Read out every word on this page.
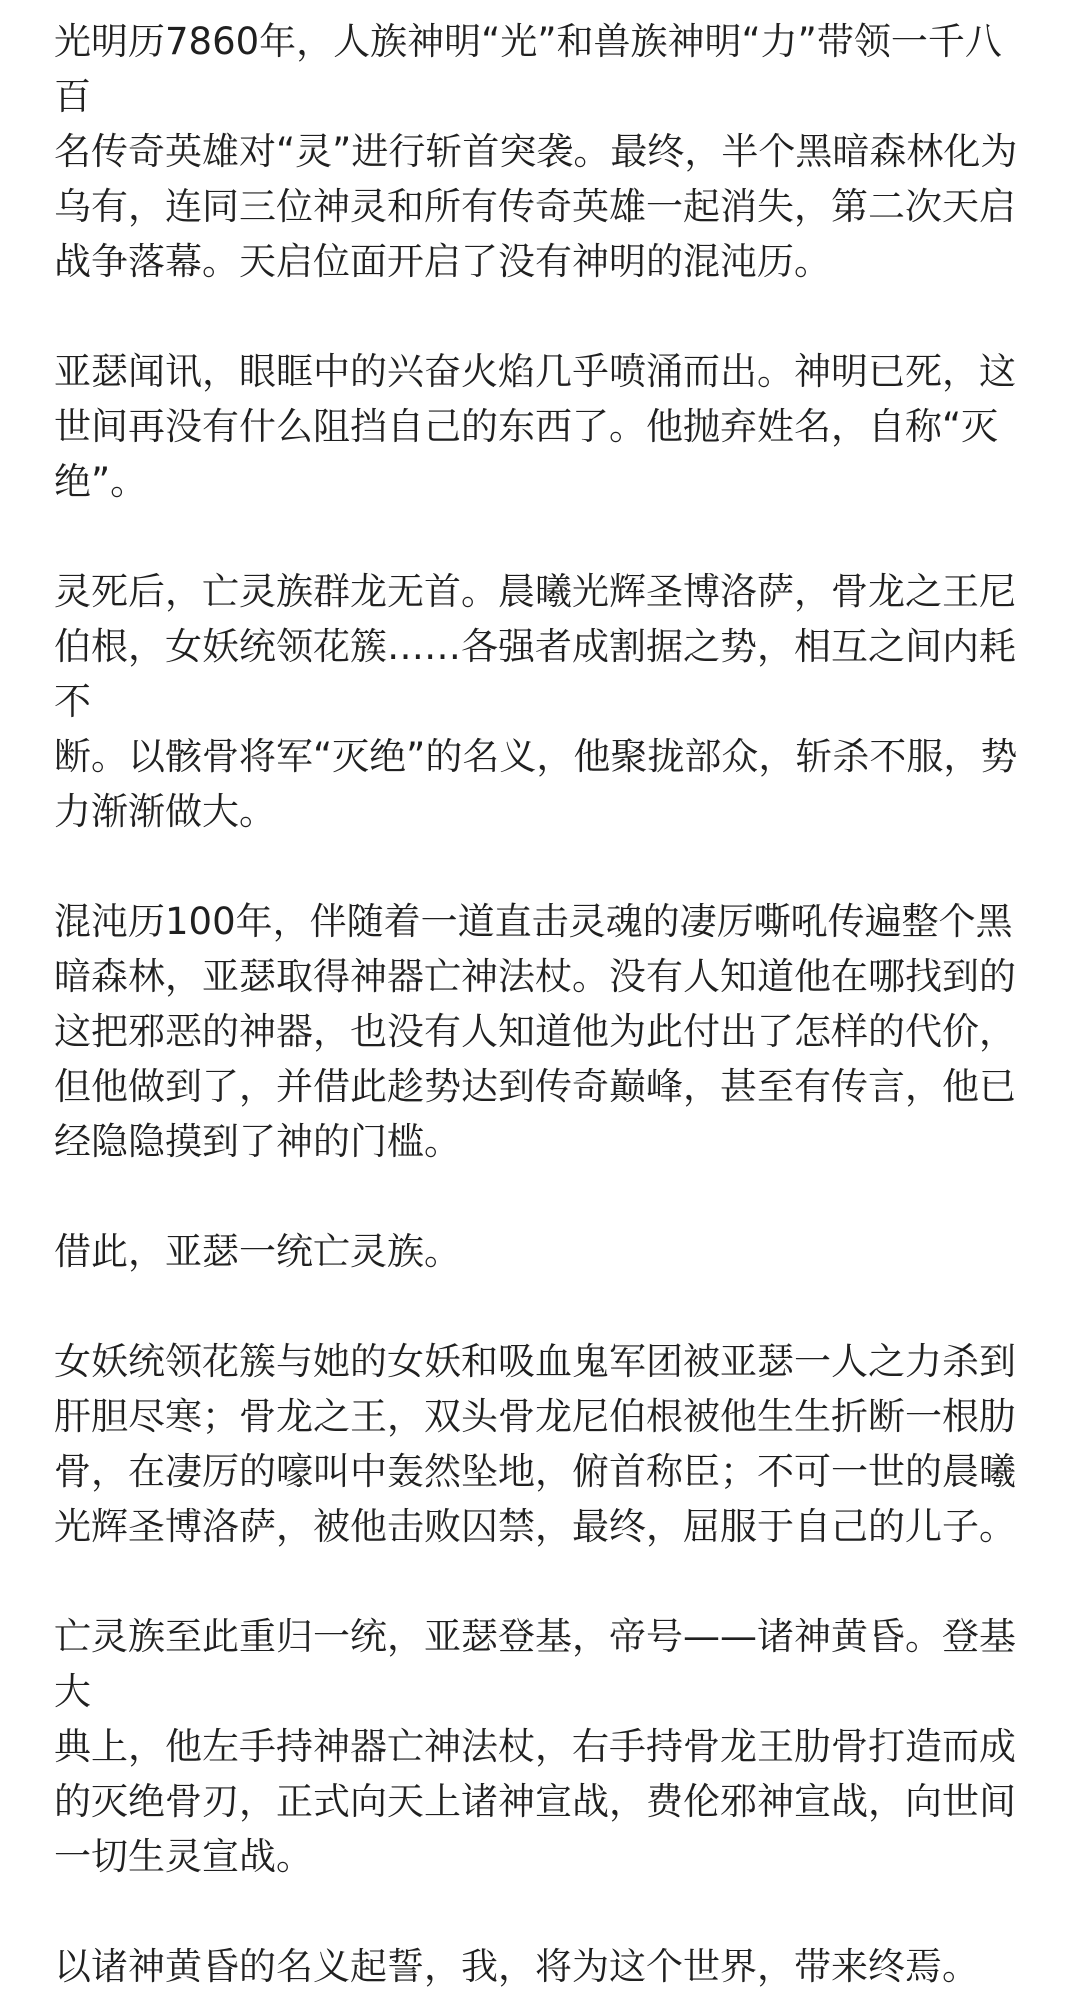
光明历7860年，人族神明“光”和兽族神明“力”带领一千八百
名传奇英雄对“灵”进行斩首突袭。最终，半个黑暗森林化为
乌有，连同三位神灵和所有传奇英雄一起消失，第二次天启
战争落幕。天启位面开启了没有神明的混沌历。

亚瑟闻讯，眼眶中的兴奋火焰几乎喷涌而出。神明已死，这
世间再没有什么阻挡自己的东西了。他抛弃姓名，自称“灭
绝”。

灵死后，亡灵族群龙无首。晨曦光辉圣博洛萨，骨龙之王尼
伯根，女妖统领花簇……各强者成割据之势，相互之间内耗不
断。以骸骨将军“灭绝”的名义，他聚拢部众，斩杀不服，势
力渐渐做大。

混沌历100年，伴随着一道直击灵魂的凄厉嘶吼传遍整个黑
暗森林，亚瑟取得神器亡神法杖。没有人知道他在哪找到的
这把邪恶的神器，也没有人知道他为此付出了怎样的代价，
但他做到了，并借此趁势达到传奇巅峰，甚至有传言，他已
经隐隐摸到了神的门槛。

借此，亚瑟一统亡灵族。

女妖统领花簇与她的女妖和吸血鬼军团被亚瑟一人之力杀到
肝胆尽寒；骨龙之王，双头骨龙尼伯根被他生生折断一根肋
骨，在凄厉的嚎叫中轰然坠地，俯首称臣；不可一世的晨曦
光辉圣博洛萨，被他击败囚禁，最终，屈服于自己的儿子。

亡灵族至此重归一统，亚瑟登基，帝号——诸神黄昏。登基大
典上，他左手持神器亡神法杖，右手持骨龙王肋骨打造而成
的灭绝骨刃，正式向天上诸神宣战，费伦邪神宣战，向世间
一切生灵宣战。

以诸神黄昏的名义起誓，我，将为这个世界，带来终焉。
